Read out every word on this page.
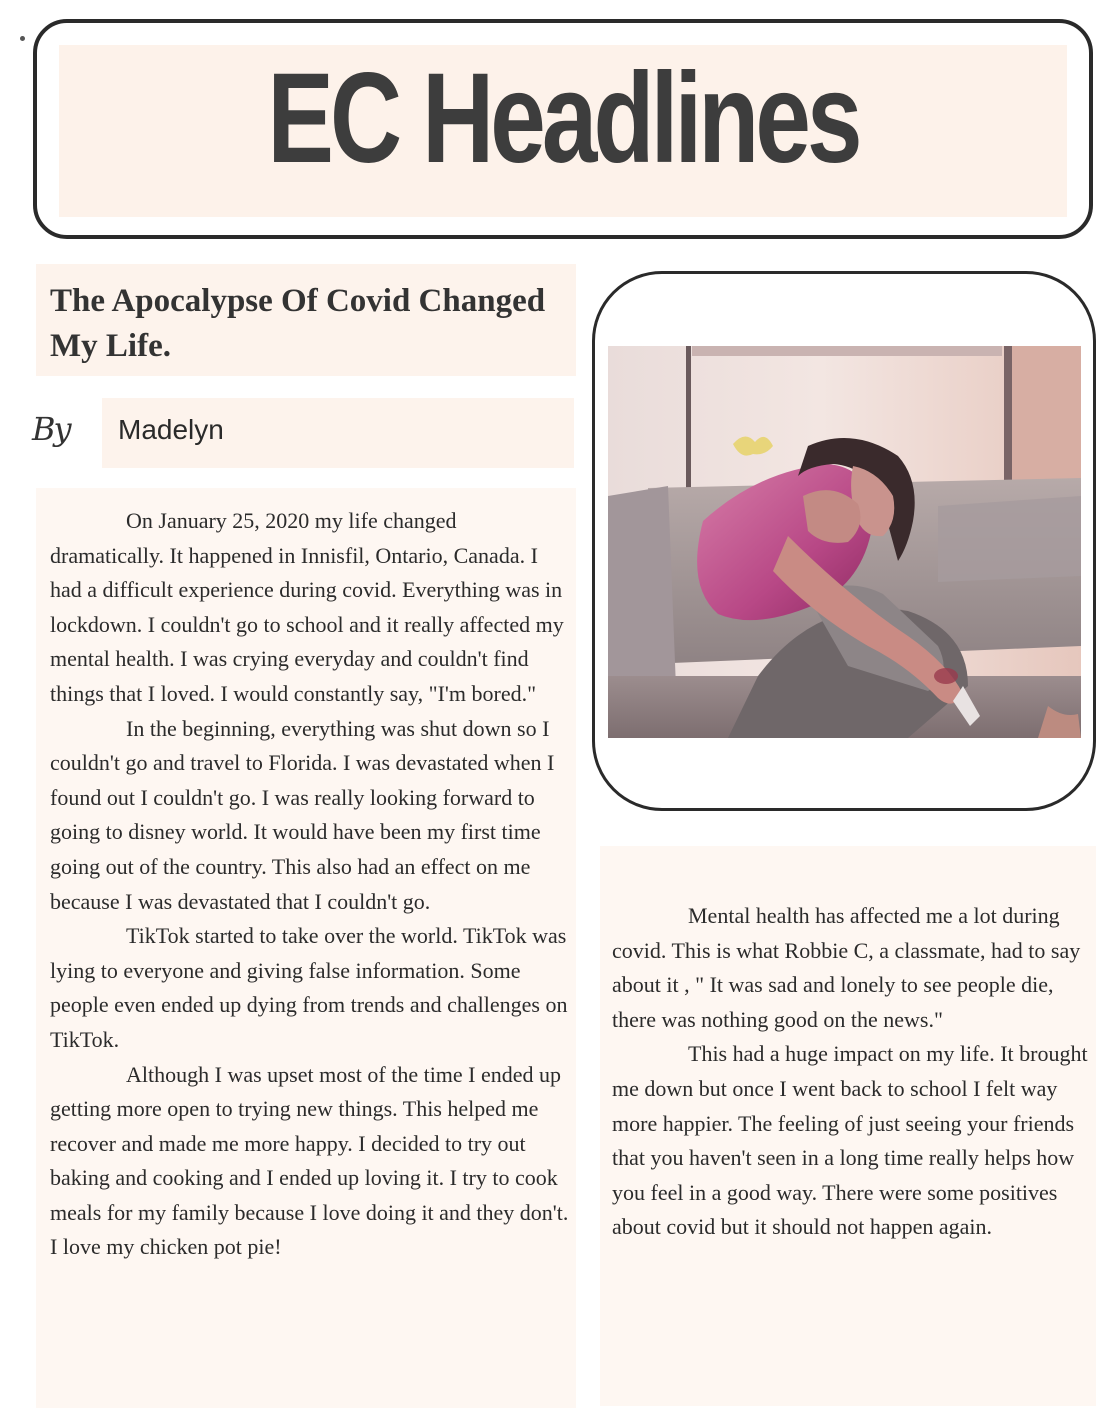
EC Headlines
The Apocalypse Of Covid Changed My Life.
By Madelyn

On January 25, 2020 my life changed dramatically. It happened in Innisfil, Ontario, Canada. I had a difficult experience during covid. Everything was in lockdown. I couldn't go to school and it really affected my mental health. I was crying everyday and couldn't find things that I loved. I would constantly say, "I'm bored."

In the beginning, everything was shut down so I couldn't go and travel to Florida. I was devastated when I found out I couldn't go. I was really looking forward to going to disney world. It would have been my first time going out of the country. This also had an effect on me because I was devastated that I couldn't go.

TikTok started to take over the world. TikTok was lying to everyone and giving false information. Some people even ended up dying from trends and challenges on TikTok.

Although I was upset most of the time I ended up getting more open to trying new things. This helped me recover and made me more happy. I decided to try out baking and cooking and I ended up loving it. I try to cook meals for my family because I love doing it and they don't. I love my chicken pot pie!

Mental health has affected me a lot during covid. This is what Robbie C, a classmate, had to say about it , " It was sad and lonely to see people die, there was nothing good on the news."

This had a huge impact on my life. It brought me down but once I went back to school I felt way more happier. The feeling of just seeing your friends that you haven't seen in a long time really helps how you feel in a good way. There were some positives about covid but it should not happen again.
